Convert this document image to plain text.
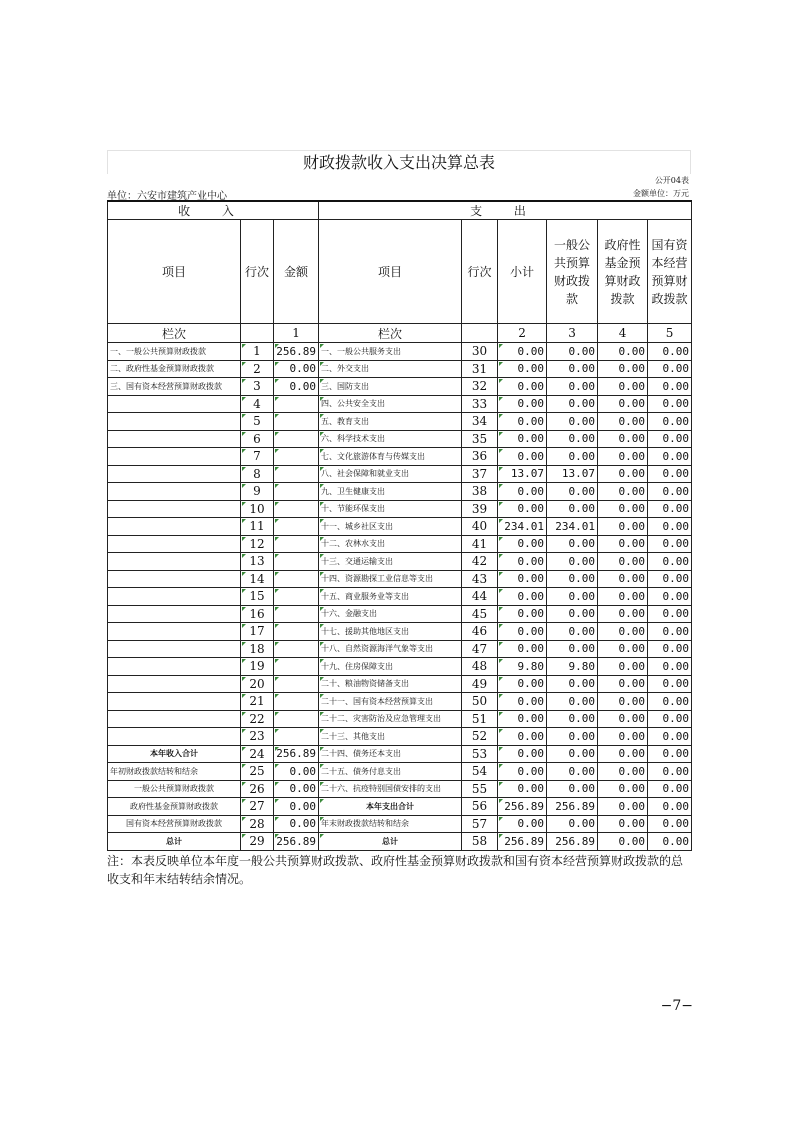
财政拨款收入支出决算总表
公开04表
单位：六安市建筑产业中心	金额单位：万元
收 入			支 出					
项目	行次	金额	项目	行次	小计	一般公共预算财政拨款	政府性基金预算财政拨款	国有资本经营预算财政拨款
栏次		1	栏次		2	3	4	5
一、一般公共预算财政拨款	1	256.89	一、一般公共服务支出	30	0.00	0.00	0.00	0.00
二、政府性基金预算财政拨款	2	0.00	二、外交支出	31	0.00	0.00	0.00	0.00
三、国有资本经营预算财政拨款	3	0.00	三、国防支出	32	0.00	0.00	0.00	0.00
	4		四、公共安全支出	33	0.00	0.00	0.00	0.00
	5		五、教育支出	34	0.00	0.00	0.00	0.00
	6		六、科学技术支出	35	0.00	0.00	0.00	0.00
	7		七、文化旅游体育与传媒支出	36	0.00	0.00	0.00	0.00
	8		八、社会保障和就业支出	37	13.07	13.07	0.00	0.00
	9		九、卫生健康支出	38	0.00	0.00	0.00	0.00
	10		十、节能环保支出	39	0.00	0.00	0.00	0.00
	11		十一、城乡社区支出	40	234.01	234.01	0.00	0.00
	12		十二、农林水支出	41	0.00	0.00	0.00	0.00
	13		十三、交通运输支出	42	0.00	0.00	0.00	0.00
	14		十四、资源勘探工业信息等支出	43	0.00	0.00	0.00	0.00
	15		十五、商业服务业等支出	44	0.00	0.00	0.00	0.00
	16		十六、金融支出	45	0.00	0.00	0.00	0.00
	17		十七、援助其他地区支出	46	0.00	0.00	0.00	0.00
	18		十八、自然资源海洋气象等支出	47	0.00	0.00	0.00	0.00
	19		十九、住房保障支出	48	9.80	9.80	0.00	0.00
	20		二十、粮油物资储备支出	49	0.00	0.00	0.00	0.00
	21		二十一、国有资本经营预算支出	50	0.00	0.00	0.00	0.00
	22		二十二、灾害防治及应急管理支出	51	0.00	0.00	0.00	0.00
	23		二十三、其他支出	52	0.00	0.00	0.00	0.00
本年收入合计	24	256.89	二十四、债务还本支出	53	0.00	0.00	0.00	0.00
年初财政拨款结转和结余	25	0.00	二十五、债务付息支出	54	0.00	0.00	0.00	0.00
一般公共预算财政拨款	26	0.00	二十六、抗疫特别国债安排的支出	55	0.00	0.00	0.00	0.00
政府性基金预算财政拨款	27	0.00	本年支出合计	56	256.89	256.89	0.00	0.00
国有资本经营预算财政拨款	28	0.00	年末财政拨款结转和结余	57	0.00	0.00	0.00	0.00
总计	29	256.89	总计	58	256.89	256.89	0.00	0.00
注：本表反映单位本年度一般公共预算财政拨款、政府性基金预算财政拨款和国有资本经营预算财政拨款的总收支和年末结转结余情况。
−7−
